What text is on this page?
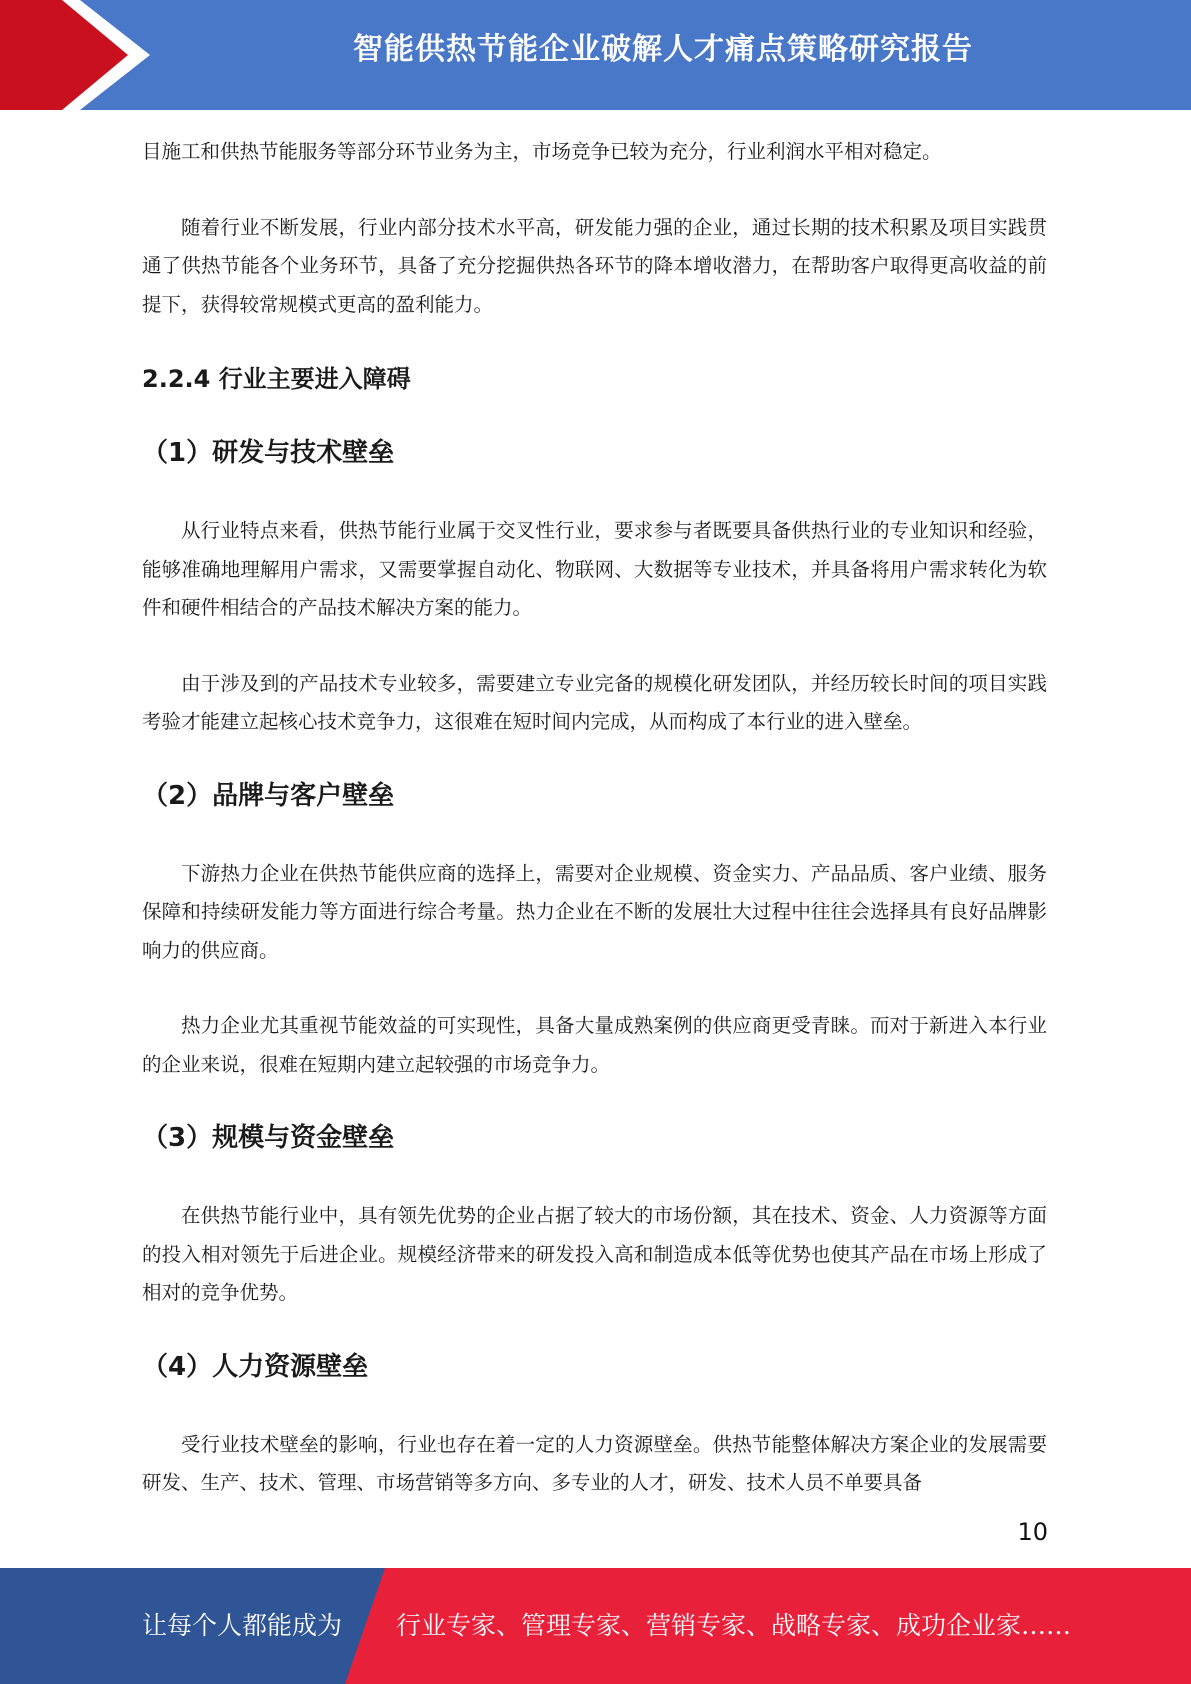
智能供热节能企业破解人才痛点策略研究报告

目施工和供热节能服务等部分环节业务为主，市场竞争已较为充分，行业利润水平相对稳定。

随着行业不断发展，行业内部分技术水平高，研发能力强的企业，通过长期的技术积累及项目实践贯通了供热节能各个业务环节，具备了充分挖掘供热各环节的降本增收潜力，在帮助客户取得更高收益的前提下，获得较常规模式更高的盈利能力。

2.2.4 行业主要进入障碍
（1）研发与技术壁垒

从行业特点来看，供热节能行业属于交叉性行业，要求参与者既要具备供热行业的专业知识和经验，能够准确地理解用户需求，又需要掌握自动化、物联网、大数据等专业技术，并具备将用户需求转化为软件和硬件相结合的产品技术解决方案的能力。

由于涉及到的产品技术专业较多，需要建立专业完备的规模化研发团队，并经历较长时间的项目实践考验才能建立起核心技术竞争力，这很难在短时间内完成，从而构成了本行业的进入壁垒。

（2）品牌与客户壁垒

下游热力企业在供热节能供应商的选择上，需要对企业规模、资金实力、产品品质、客户业绩、服务保障和持续研发能力等方面进行综合考量。热力企业在不断的发展壮大过程中往往会选择具有良好品牌影响力的供应商。

热力企业尤其重视节能效益的可实现性，具备大量成熟案例的供应商更受青睐。而对于新进入本行业的企业来说，很难在短期内建立起较强的市场竞争力。

（3）规模与资金壁垒

在供热节能行业中，具有领先优势的企业占据了较大的市场份额，其在技术、资金、人力资源等方面的投入相对领先于后进企业。规模经济带来的研发投入高和制造成本低等优势也使其产品在市场上形成了相对的竞争优势。

（4）人力资源壁垒

受行业技术壁垒的影响，行业也存在着一定的人力资源壁垒。供热节能整体解决方案企业的发展需要研发、生产、技术、管理、市场营销等多方向、多专业的人才，研发、技术人员不单要具备

10
让每个人都能成为 行业专家、管理专家、营销专家、战略专家、成功企业家……
